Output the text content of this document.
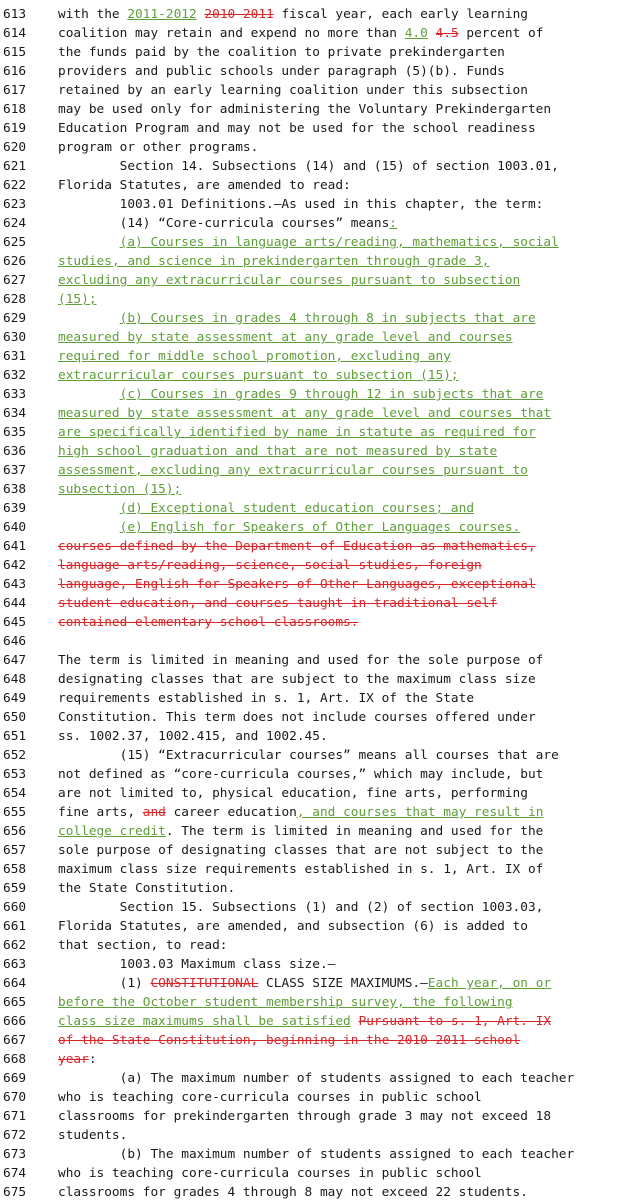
613 with the 2011-2012 2010-2011 fiscal year, each early learning
614 coalition may retain and expend no more than 4.0 4.5 percent of
615 the funds paid by the coalition to private prekindergarten
616 providers and public schools under paragraph (5)(b). Funds
617 retained by an early learning coalition under this subsection
618 may be used only for administering the Voluntary Prekindergarten
619 Education Program and may not be used for the school readiness
620 program or other programs.
621 Section 14. Subsections (14) and (15) of section 1003.01,
622 Florida Statutes, are amended to read:
623 1003.01 Definitions.—As used in this chapter, the term:
624 (14) “Core-curricula courses” means:
625	(a) Courses in language arts/reading, mathematics, social
626 studies, and science in prekindergarten through grade 3,
627 excluding any extracurricular courses pursuant to subsection
628 (15);
629	(b) Courses in grades 4 through 8 in subjects that are
630 measured by state assessment at any grade level and courses
631 required for middle school promotion, excluding any
632 extracurricular courses pursuant to subsection (15);
633	(c) Courses in grades 9 through 12 in subjects that are
634 measured by state assessment at any grade level and courses that
635 are specifically identified by name in statute as required for
636 high school graduation and that are not measured by state
637 assessment, excluding any extracurricular courses pursuant to
638 subsection (15);
639	(d) Exceptional student education courses; and
640	(e) English for Speakers of Other Languages courses.
641 courses defined by the Department of Education as mathematics,
642 language arts/reading, science, social studies, foreign
643 language, English for Speakers of Other Languages, exceptional
644 student education, and courses taught in traditional self
645 contained elementary school classrooms.
646
647 The term is limited in meaning and used for the sole purpose of
648 designating classes that are subject to the maximum class size
649 requirements established in s. 1, Art. IX of the State
650 Constitution. This term does not include courses offered under
651 ss. 1002.37, 1002.415, and 1002.45.
652 (15) “Extracurricular courses” means all courses that are
653 not defined as “core-curricula courses,” which may include, but
654 are not limited to, physical education, fine arts, performing
655 fine arts, and career education, and courses that may result in
656 college credit. The term is limited in meaning and used for the
657 sole purpose of designating classes that are not subject to the
658 maximum class size requirements established in s. 1, Art. IX of
659 the State Constitution.
660 Section 15. Subsections (1) and (2) of section 1003.03,
661 Florida Statutes, are amended, and subsection (6) is added to
662 that section, to read:
663 1003.03 Maximum class size.—
664 (1) CONSTITUTIONAL CLASS SIZE MAXIMUMS.—Each year, on or
665 before the October student membership survey, the following
666 class size maximums shall be satisfied Pursuant to s. 1, Art. IX
667 of the State Constitution, beginning in the 2010-2011 school
668 year:
669 (a) The maximum number of students assigned to each teacher
670 who is teaching core-curricula courses in public school
671 classrooms for prekindergarten through grade 3 may not exceed 18
672 students.
673 (b) The maximum number of students assigned to each teacher
674 who is teaching core-curricula courses in public school
675 classrooms for grades 4 through 8 may not exceed 22 students.
